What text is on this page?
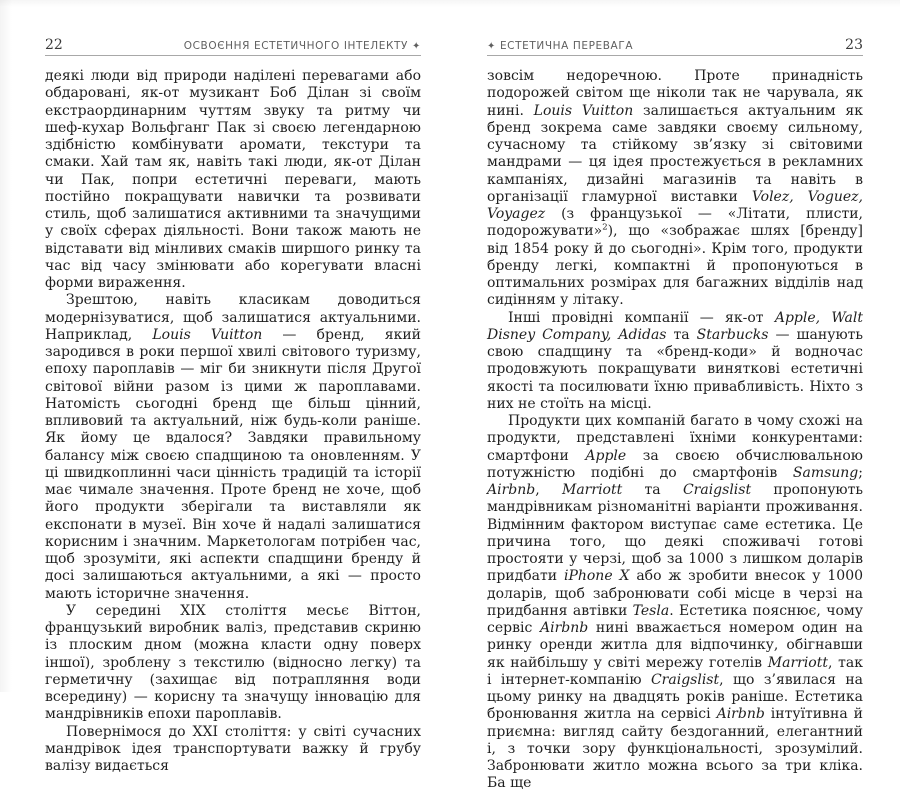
22	ОСВОЄННЯ ЕСТЕТИЧНОГО ІНТЕЛЕКТУ ✦

деякі люди від природи наділені перевагами або обдаровані, як-от музикант Боб Ділан зі своїм екстраординарним чуттям звуку та ритму чи шеф-кухар Вольфганг Пак зі своєю легендарною здібністю комбінувати аромати, текстури та смаки. Хай там як, навіть такі люди, як-от Ділан чи Пак, попри естетичні переваги, мають постійно покращувати навички та розвивати стиль, щоб залишатися активними та значущими у своїх сферах діяльності. Вони також мають не відставати від мінливих смаків ширшого ринку та час від часу змінювати або корегувати власні форми вираження.

Зрештою, навіть класикам доводиться модернізуватися, щоб залишатися актуальними. Наприклад, Louis Vuitton — бренд, який зародився в роки першої хвилі світового туризму, епоху пароплавів — міг би зникнути після Другої світової війни разом із цими ж пароплавами. Натомість сьогодні бренд ще більш цінний, впливовий та актуальний, ніж будь-коли раніше. Як йому це вдалося? Завдяки правильному балансу між своєю спадщиною та оновленням. У ці швидкоплинні часи цінність традицій та історії має чимале значення. Проте бренд не хоче, щоб його продукти зберігали та виставляли як експонати в музеї. Він хоче й надалі залишатися корисним і значним. Маркетологам потрібен час, щоб зрозуміти, які аспекти спадщини бренду й досі залишаються актуальними, а які — просто мають історичне значення.

У середині XIX століття месьє Віттон, французький виробник валіз, представив скриню із плоским дном (можна класти одну поверх іншої), зроблену з текстилю (відносно легку) та герметичну (захищає від потрапляння води всередину) — корисну та значущу інновацію для мандрівників епохи пароплавів.

Повернімося до XXI століття: у світі сучасних мандрівок ідея транспортувати важку й грубу валізу видається

✦ ЕСТЕТИЧНА ПЕРЕВАГА	23

зовсім недоречною. Проте принадність подорожей світом ще ніколи так не чарувала, як нині. Louis Vuitton залишається актуальним як бренд зокрема саме завдяки своєму сильному, сучасному та стійкому зв’язку зі світовими мандрами — ця ідея простежується в рекламних кампаніях, дизайні магазинів та навіть в організації гламурної виставки Volez, Voguez, Voyagez (з французької — «Літати, плисти, подорожувати»$^2$), що «зображає шлях [бренду] від 1854 року й до сьогодні». Крім того, продукти бренду легкі, компактні й пропонуються в оптимальних розмірах для багажних відділів над сидінням у літаку.

Інші провідні компанії — як-от Apple, Walt Disney Company, Adidas та Starbucks — шанують свою спадщину та «бренд-коди» й водночас продовжують покращувати виняткові естетичні якості та посилювати їхню привабливість. Ніхто з них не стоїть на місці.

Продукти цих компаній багато в чому схожі на продукти, представлені їхніми конкурентами: смартфони Apple за своєю обчислювальною потужністю подібні до смартфонів Samsung; Airbnb, Marriott та Craigslist пропонують мандрівникам різноманітні варіанти проживання. Відмінним фактором виступає саме естетика. Це причина того, що деякі споживачі готові простояти у черзі, щоб за 1000 з лишком доларів придбати iPhone X або ж зробити внесок у 1000 доларів, щоб забронювати собі місце в черзі на придбання автівки Tesla. Естетика пояснює, чому сервіс Airbnb нині вважається номером один на ринку оренди житла для відпочинку, обігнавши як найбільшу у світі мережу готелів Marriott, так і інтернет-компанію Craigslist, що з’явилася на цьому ринку на двадцять років раніше. Естетика бронювання житла на сервісі Airbnb інтуїтивна й приємна: вигляд сайту бездоганний, елегантний і, з точки зору функціональності, зрозумілий. Забронювати житло можна всього за три кліка. Ба ще
